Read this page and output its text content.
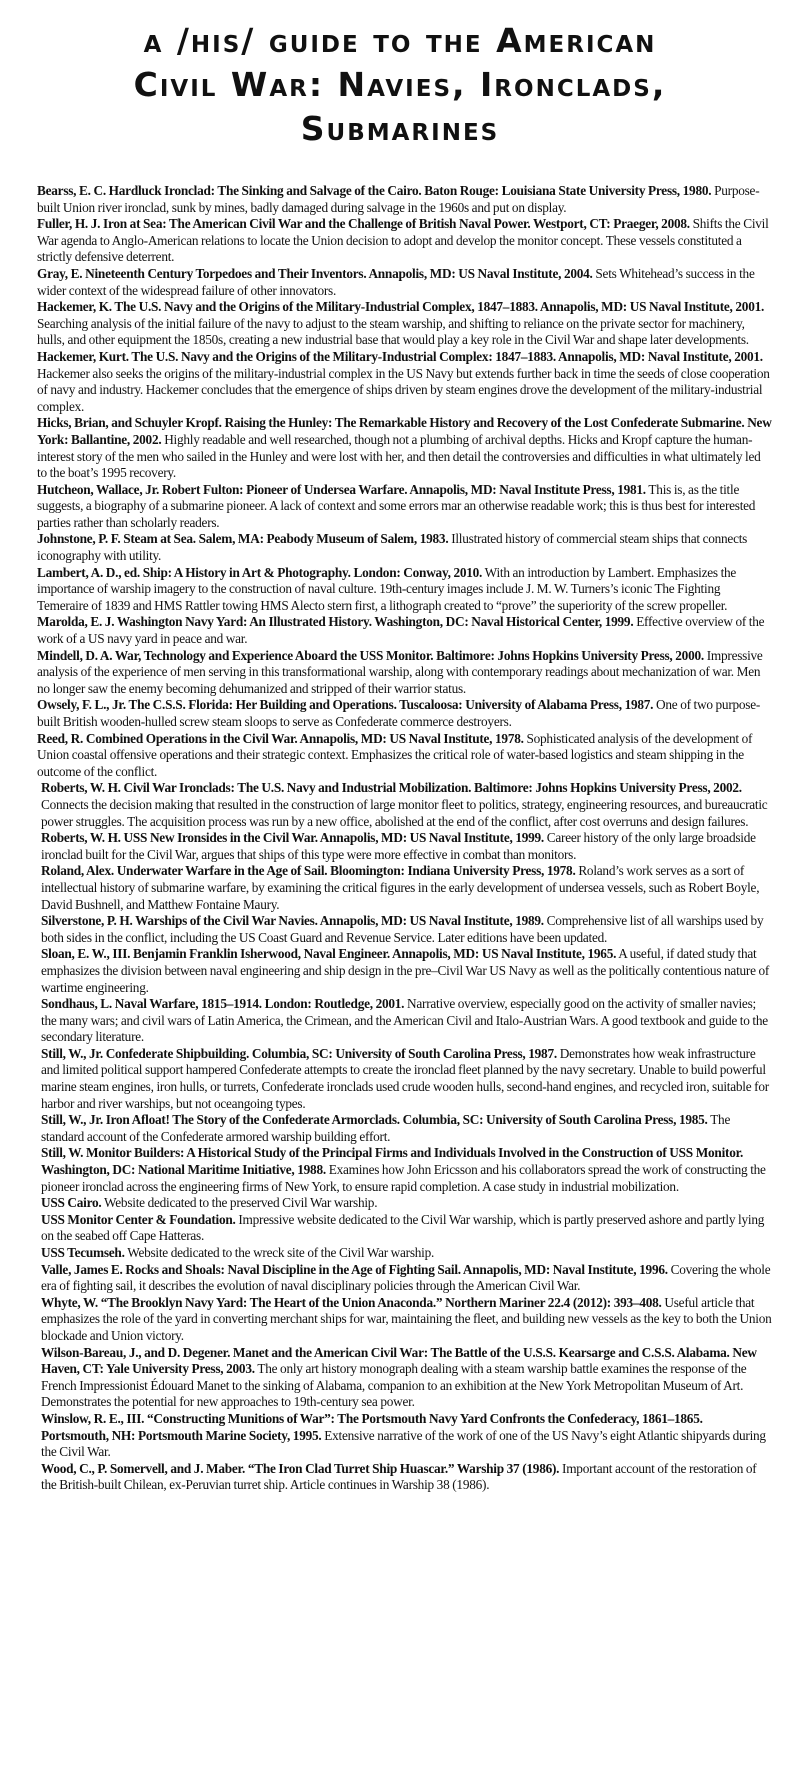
a /his/ guide to the American
Civil War: Navies, Ironclads,
Submarines

Bearss, E. C. Hardluck Ironclad: The Sinking and Salvage of the Cairo. Baton Rouge: Louisiana State University Press, 1980. Purpose-built Union river ironclad, sunk by mines, badly damaged during salvage in the 1960s and put on display.

Fuller, H. J. Iron at Sea: The American Civil War and the Challenge of British Naval Power. Westport, CT: Praeger, 2008. Shifts the Civil War agenda to Anglo-American relations to locate the Union decision to adopt and develop the monitor concept. These vessels constituted a strictly defensive deterrent.

Gray, E. Nineteenth Century Torpedoes and Their Inventors. Annapolis, MD: US Naval Institute, 2004. Sets Whitehead’s success in the wider context of the widespread failure of other innovators.

Hackemer, K. The U.S. Navy and the Origins of the Military-Industrial Complex, 1847–1883. Annapolis, MD: US Naval Institute, 2001. Searching analysis of the initial failure of the navy to adjust to the steam warship, and shifting to reliance on the private sector for machinery, hulls, and other equipment the 1850s, creating a new industrial base that would play a key role in the Civil War and shape later developments.

Hackemer, Kurt. The U.S. Navy and the Origins of the Military-Industrial Complex: 1847–1883. Annapolis, MD: Naval Institute, 2001. Hackemer also seeks the origins of the military-industrial complex in the US Navy but extends further back in time the seeds of close cooperation of navy and industry. Hackemer concludes that the emergence of ships driven by steam engines drove the development of the military-industrial complex.

Hicks, Brian, and Schuyler Kropf. Raising the Hunley: The Remarkable History and Recovery of the Lost Confederate Submarine. New York: Ballantine, 2002. Highly readable and well researched, though not a plumbing of archival depths. Hicks and Kropf capture the human-interest story of the men who sailed in the Hunley and were lost with her, and then detail the controversies and difficulties in what ultimately led to the boat’s 1995 recovery.

Hutcheon, Wallace, Jr. Robert Fulton: Pioneer of Undersea Warfare. Annapolis, MD: Naval Institute Press, 1981. This is, as the title suggests, a biography of a submarine pioneer. A lack of context and some errors mar an otherwise readable work; this is thus best for interested parties rather than scholarly readers.

Johnstone, P. F. Steam at Sea. Salem, MA: Peabody Museum of Salem, 1983. Illustrated history of commercial steam ships that connects iconography with utility.

Lambert, A. D., ed. Ship: A History in Art & Photography. London: Conway, 2010. With an introduction by Lambert. Emphasizes the importance of warship imagery to the construction of naval culture. 19th-century images include J. M. W. Turners’s iconic The Fighting Temeraire of 1839 and HMS Rattler towing HMS Alecto stern first, a lithograph created to “prove” the superiority of the screw propeller.

Marolda, E. J. Washington Navy Yard: An Illustrated History. Washington, DC: Naval Historical Center, 1999. Effective overview of the work of a US navy yard in peace and war.

Mindell, D. A. War, Technology and Experience Aboard the USS Monitor. Baltimore: Johns Hopkins University Press, 2000. Impressive analysis of the experience of men serving in this transformational warship, along with contemporary readings about mechanization of war. Men no longer saw the enemy becoming dehumanized and stripped of their warrior status.

Owsely, F. L., Jr. The C.S.S. Florida: Her Building and Operations. Tuscaloosa: University of Alabama Press, 1987. One of two purpose-built British wooden-hulled screw steam sloops to serve as Confederate commerce destroyers.

Reed, R. Combined Operations in the Civil War. Annapolis, MD: US Naval Institute, 1978. Sophisticated analysis of the development of Union coastal offensive operations and their strategic context. Emphasizes the critical role of water-based logistics and steam shipping in the outcome of the conflict.

Roberts, W. H. Civil War Ironclads: The U.S. Navy and Industrial Mobilization. Baltimore: Johns Hopkins University Press, 2002. Connects the decision making that resulted in the construction of large monitor fleet to politics, strategy, engineering resources, and bureaucratic power struggles. The acquisition process was run by a new office, abolished at the end of the conflict, after cost overruns and design failures.

Roberts, W. H. USS New Ironsides in the Civil War. Annapolis, MD: US Naval Institute, 1999. Career history of the only large broadside ironclad built for the Civil War, argues that ships of this type were more effective in combat than monitors.

Roland, Alex. Underwater Warfare in the Age of Sail. Bloomington: Indiana University Press, 1978. Roland’s work serves as a sort of intellectual history of submarine warfare, by examining the critical figures in the early development of undersea vessels, such as Robert Boyle, David Bushnell, and Matthew Fontaine Maury.

Silverstone, P. H. Warships of the Civil War Navies. Annapolis, MD: US Naval Institute, 1989. Comprehensive list of all warships used by both sides in the conflict, including the US Coast Guard and Revenue Service. Later editions have been updated.

Sloan, E. W., III. Benjamin Franklin Isherwood, Naval Engineer. Annapolis, MD: US Naval Institute, 1965. A useful, if dated study that emphasizes the division between naval engineering and ship design in the pre–Civil War US Navy as well as the politically contentious nature of wartime engineering.

Sondhaus, L. Naval Warfare, 1815–1914. London: Routledge, 2001. Narrative overview, especially good on the activity of smaller navies; the many wars; and civil wars of Latin America, the Crimean, and the American Civil and Italo-Austrian Wars. A good textbook and guide to the secondary literature.

Still, W., Jr. Confederate Shipbuilding. Columbia, SC: University of South Carolina Press, 1987. Demonstrates how weak infrastructure and limited political support hampered Confederate attempts to create the ironclad fleet planned by the navy secretary. Unable to build powerful marine steam engines, iron hulls, or turrets, Confederate ironclads used crude wooden hulls, second-hand engines, and recycled iron, suitable for harbor and river warships, but not oceangoing types.

Still, W., Jr. Iron Afloat! The Story of the Confederate Armorclads. Columbia, SC: University of South Carolina Press, 1985. The standard account of the Confederate armored warship building effort.

Still, W. Monitor Builders: A Historical Study of the Principal Firms and Individuals Involved in the Construction of USS Monitor. Washington, DC: National Maritime Initiative, 1988. Examines how John Ericsson and his collaborators spread the work of constructing the pioneer ironclad across the engineering firms of New York, to ensure rapid completion. A case study in industrial mobilization.

USS Cairo. Website dedicated to the preserved Civil War warship.

USS Monitor Center & Foundation. Impressive website dedicated to the Civil War warship, which is partly preserved ashore and partly lying on the seabed off Cape Hatteras.

USS Tecumseh. Website dedicated to the wreck site of the Civil War warship.

Valle, James E. Rocks and Shoals: Naval Discipline in the Age of Fighting Sail. Annapolis, MD: Naval Institute, 1996. Covering the whole era of fighting sail, it describes the evolution of naval disciplinary policies through the American Civil War.

Whyte, W. “The Brooklyn Navy Yard: The Heart of the Union Anaconda.” Northern Mariner 22.4 (2012): 393–408. Useful article that emphasizes the role of the yard in converting merchant ships for war, maintaining the fleet, and building new vessels as the key to both the Union blockade and Union victory.

Wilson-Bareau, J., and D. Degener. Manet and the American Civil War: The Battle of the U.S.S. Kearsarge and C.S.S. Alabama. New Haven, CT: Yale University Press, 2003. The only art history monograph dealing with a steam warship battle examines the response of the French Impressionist Édouard Manet to the sinking of Alabama, companion to an exhibition at the New York Metropolitan Museum of Art. Demonstrates the potential for new approaches to 19th-century sea power.

Winslow, R. E., III. “Constructing Munitions of War”: The Portsmouth Navy Yard Confronts the Confederacy, 1861–1865. Portsmouth, NH: Portsmouth Marine Society, 1995. Extensive narrative of the work of one of the US Navy’s eight Atlantic shipyards during the Civil War.

Wood, C., P. Somervell, and J. Maber. “The Iron Clad Turret Ship Huascar.” Warship 37 (1986). Important account of the restoration of the British-built Chilean, ex-Peruvian turret ship. Article continues in Warship 38 (1986).
